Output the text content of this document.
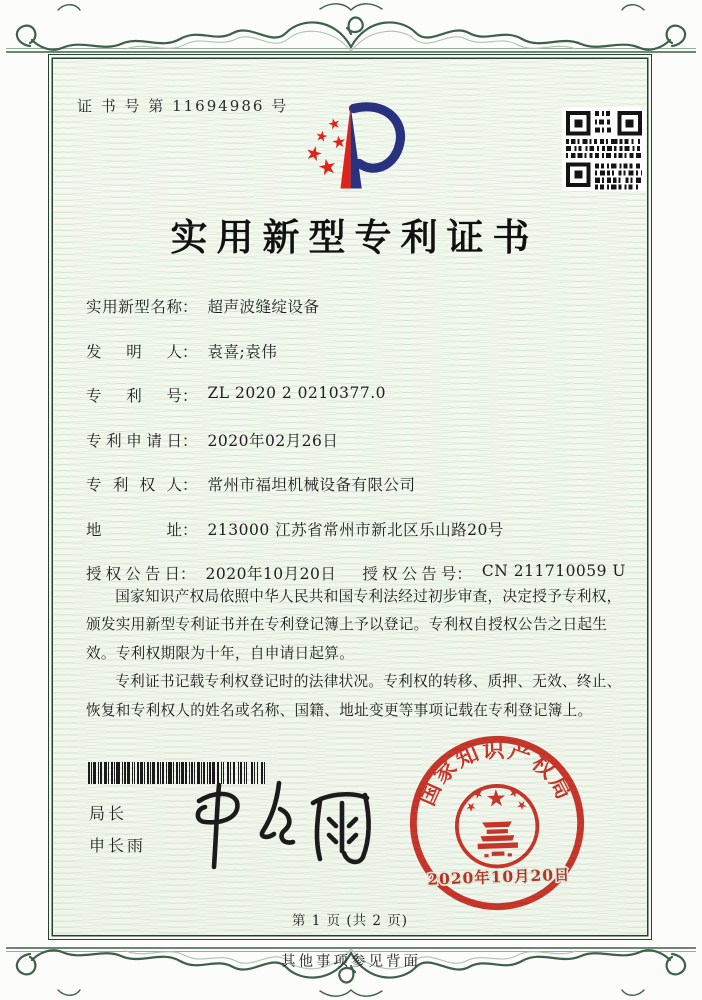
证 书 号 第 11694986 号
实用新型专利证书
实用新型名称 ： 超声波缝绽设备
发明人 ： 袁喜;袁伟
专利号 ： ZL 2020 2 0210377.0
专利申请日 ： 2020年02月26日
专利权人 ： 常州市福坦机械设备有限公司
地址 ： 213000 江苏省常州市新北区乐山路20号
授权公告日 ： 2020年10月20日 授权公告号 ： CN 211710059 U

国家知识产权局依照中华人民共和国专利法经过初步审查，决定授予专利权，颁发实用新型专利证书并在专利登记簿上予以登记。专利权自授权公告之日起生效。专利权期限为十年，自申请日起算。

专利证书记载专利权登记时的法律状况。专利权的转移、质押、无效、终止、恢复和专利权人的姓名或名称、国籍、地址变更等事项记载在专利登记簿上。

局长
申长雨
国家知识产权局
2020年10月20日
第 1 页 (共 2 页)
其他事项参见背面
